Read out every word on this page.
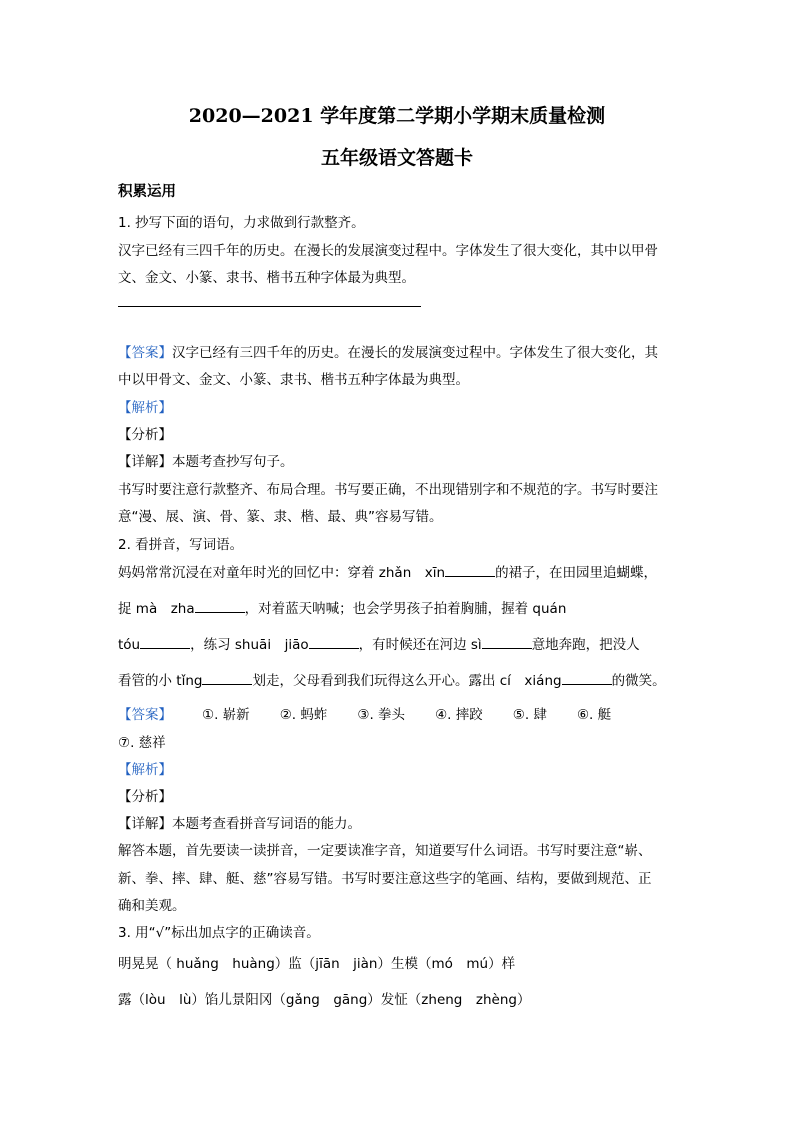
2020—2021 学年度第二学期小学期末质量检测
五年级语文答题卡
积累运用
1. 抄写下面的语句，力求做到行款整齐。
汉字已经有三四千年的历史。在漫长的发展演变过程中。字体发生了很大变化，其中以甲骨
文、金文、小篆、隶书、楷书五种字体最为典型。
【答案】汉字已经有三四千年的历史。在漫长的发展演变过程中。字体发生了很大变化，其
中以甲骨文、金文、小篆、隶书、楷书五种字体最为典型。
【解析】
【分析】
【详解】本题考查抄写句子。
书写时要注意行款整齐、布局合理。书写要正确，不出现错别字和不规范的字。书写时要注
意“漫、展、演、骨、篆、隶、楷、最、典”容易写错。
2. 看拼音，写词语。
妈妈常常沉浸在对童年时光的回忆中：穿着 zhǎn　xīn	的裙子，在田园里追蝴蝶，
捉 mà　zha	，对着蓝天呐喊；也会学男孩子拍着胸脯，握着 quán
tóu	，练习 shuāi　jiāo	，有时候还在河边 sì	意地奔跑，把没人
看管的小 tǐng	划走，父母看到我们玩得这么开心。露出 cí　xiáng	的微笑。
【答案】 ①. 崭新 ②. 蚂蚱 ③. 拳头 ④. 摔跤 ⑤. 肆 ⑥. 艇
⑦. 慈祥
【解析】
【分析】
【详解】本题考查看拼音写词语的能力。
解答本题，首先要读一读拼音，一定要读准字音，知道要写什么词语。书写时要注意“崭、
新、拳、摔、肆、艇、慈”容易写错。书写时要注意这些字的笔画、结构，要做到规范、正
确和美观。
3. 用“√”标出加点字的正确读音。
明晃晃（ huǎng　huàng）监（jīān　jiàn）生模（mó　mú）样
露（lòu　lù）馅儿景阳冈（gǎng　gāng）发怔（zheng　zhèng）
